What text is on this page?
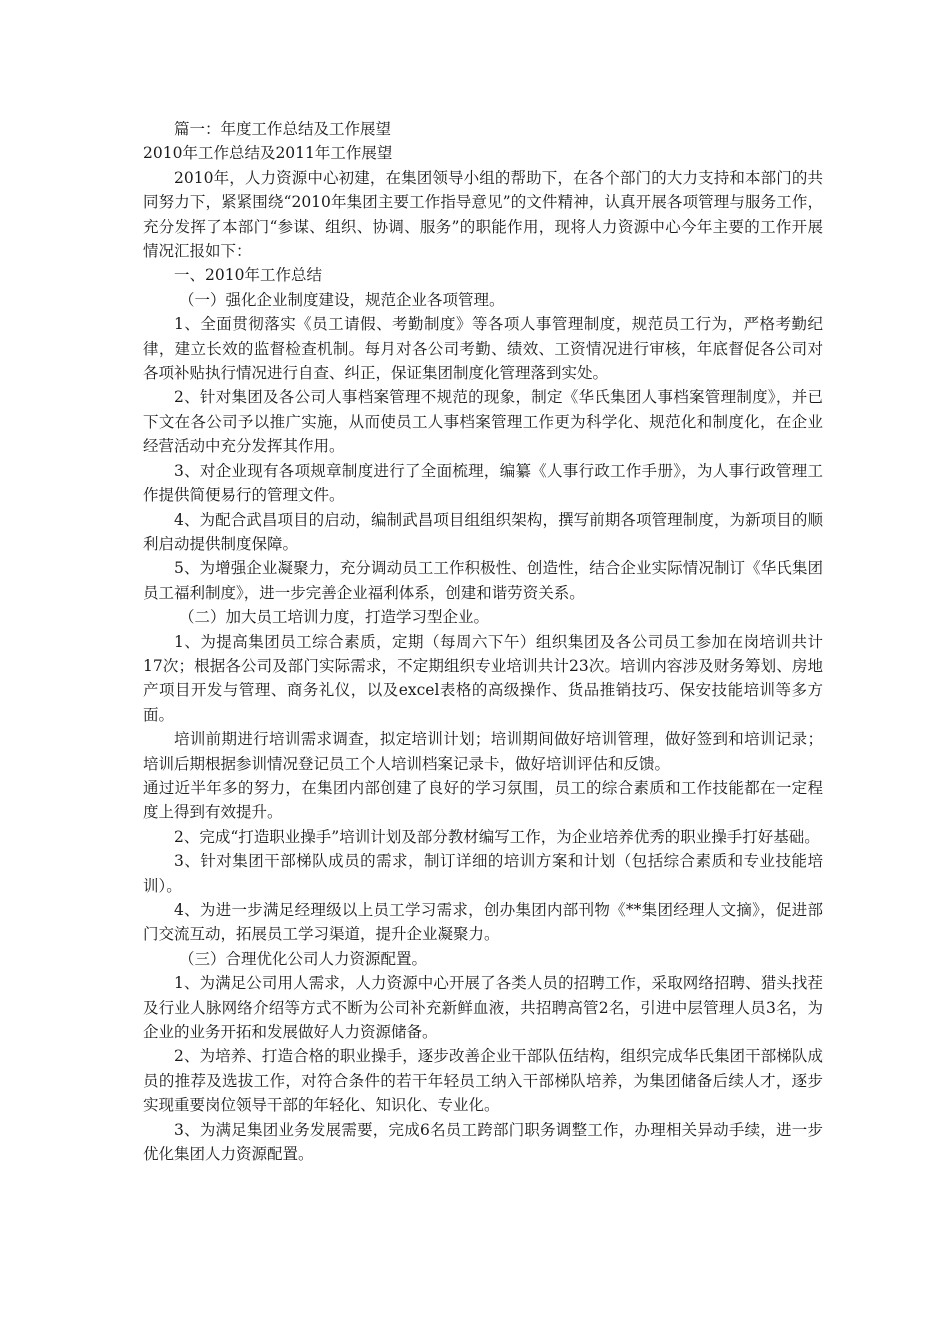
篇一：年度工作总结及工作展望

2010年工作总结及2011年工作展望

2010年，人力资源中心初建，在集团领导小组的帮助下，在各个部门的大力支持和本部门的共同努力下，紧紧围绕“2010年集团主要工作指导意见”的文件精神，认真开展各项管理与服务工作，充分发挥了本部门“参谋、组织、协调、服务”的职能作用，现将人力资源中心今年主要的工作开展情况汇报如下：

一、2010年工作总结

（一）强化企业制度建设，规范企业各项管理。

1、全面贯彻落实《员工请假、考勤制度》等各项人事管理制度，规范员工行为，严格考勤纪律，建立长效的监督检查机制。每月对各公司考勤、绩效、工资情况进行审核，年底督促各公司对各项补贴执行情况进行自查、纠正，保证集团制度化管理落到实处。

2、针对集团及各公司人事档案管理不规范的现象，制定《华氏集团人事档案管理制度》，并已下文在各公司予以推广实施，从而使员工人事档案管理工作更为科学化、规范化和制度化，在企业经营活动中充分发挥其作用。

3、对企业现有各项规章制度进行了全面梳理，编纂《人事行政工作手册》，为人事行政管理工作提供简便易行的管理文件。

4、为配合武昌项目的启动，编制武昌项目组组织架构，撰写前期各项管理制度，为新项目的顺利启动提供制度保障。

5、为增强企业凝聚力，充分调动员工工作积极性、创造性，结合企业实际情况制订《华氏集团员工福利制度》，进一步完善企业福利体系，创建和谐劳资关系。

（二）加大员工培训力度，打造学习型企业。

1、为提高集团员工综合素质，定期（每周六下午）组织集团及各公司员工参加在岗培训共计17次；根据各公司及部门实际需求，不定期组织专业培训共计23次。培训内容涉及财务筹划、房地产项目开发与管理、商务礼仪，以及excel表格的高级操作、货品推销技巧、保安技能培训等多方面。

培训前期进行培训需求调查，拟定培训计划；培训期间做好培训管理，做好签到和培训记录；培训后期根据参训情况登记员工个人培训档案记录卡，做好培训评估和反馈。

通过近半年多的努力，在集团内部创建了良好的学习氛围，员工的综合素质和工作技能都在一定程度上得到有效提升。

2、完成“打造职业操手”培训计划及部分教材编写工作，为企业培养优秀的职业操手打好基础。

3、针对集团干部梯队成员的需求，制订详细的培训方案和计划（包括综合素质和专业技能培训）。

4、为进一步满足经理级以上员工学习需求，创办集团内部刊物《**集团经理人文摘》，促进部门交流互动，拓展员工学习渠道，提升企业凝聚力。

（三）合理优化公司人力资源配置。

1、为满足公司用人需求，人力资源中心开展了各类人员的招聘工作，采取网络招聘、猎头找茬及行业人脉网络介绍等方式不断为公司补充新鲜血液，共招聘高管2名，引进中层管理人员3名，为企业的业务开拓和发展做好人力资源储备。

2、为培养、打造合格的职业操手，逐步改善企业干部队伍结构，组织完成华氏集团干部梯队成员的推荐及选拔工作，对符合条件的若干年轻员工纳入干部梯队培养，为集团储备后续人才，逐步实现重要岗位领导干部的年轻化、知识化、专业化。

3、为满足集团业务发展需要，完成6名员工跨部门职务调整工作，办理相关异动手续，进一步优化集团人力资源配置。
